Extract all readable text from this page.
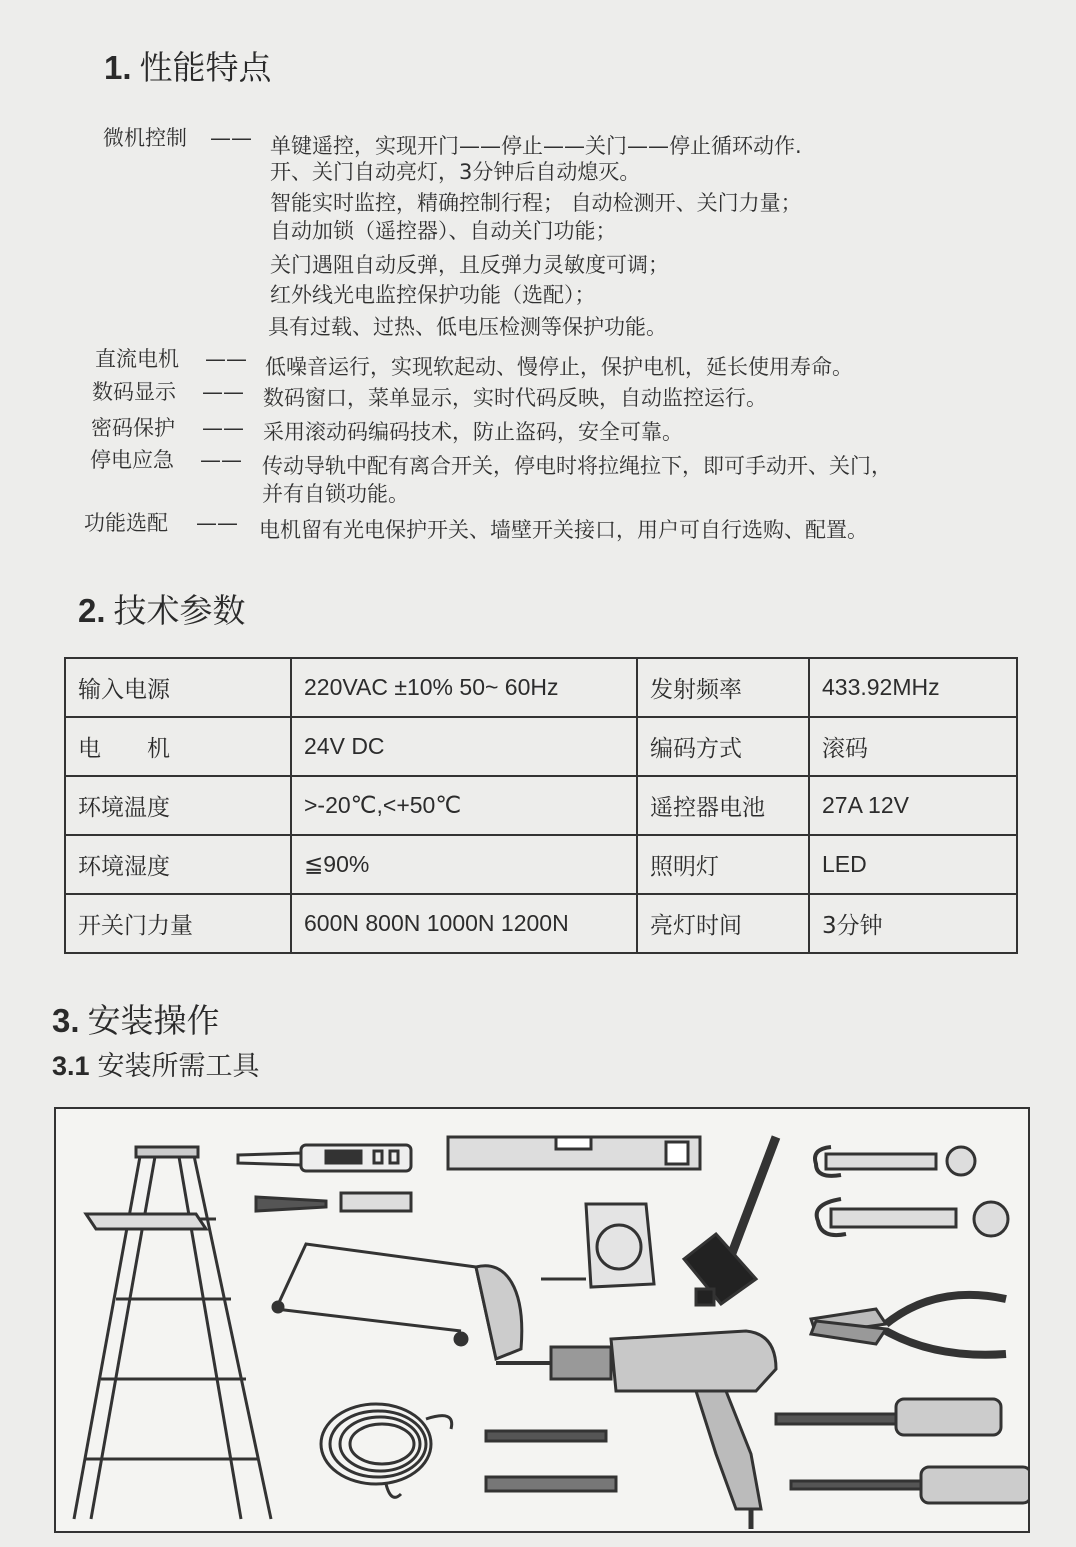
1. 性能特点
微机控制 —— 单键遥控，实现开门——停止——关门——停止循环动作.
开、关门自动亮灯，3分钟后自动熄灭。
智能实时监控，精确控制行程； 自动检测开、关门力量；
自动加锁（遥控器）、自动关门功能；
关门遇阻自动反弹，且反弹力灵敏度可调；
红外线光电监控保护功能（选配）；
具有过载、过热、低电压检测等保护功能。
直流电机 —— 低噪音运行，实现软起动、慢停止，保护电机，延长使用寿命。
数码显示 —— 数码窗口，菜单显示，实时代码反映，自动监控运行。
密码保护 —— 采用滚动码编码技术，防止盗码，安全可靠。
停电应急 —— 传动导轨中配有离合开关，停电时将拉绳拉下，即可手动开、关门，
并有自锁功能。
功能选配 —— 电机留有光电保护开关、墙壁开关接口，用户可自行选购、配置。
2. 技术参数
输入电源	220VAC ±10% 50~ 60Hz	发射频率	433.92MHz
电　　机	24V DC	编码方式	滚码
环境温度	>-20℃,<+50℃	遥控器电池	27A 12V
环境湿度	≦90%	照明灯	LED
开关门力量	600N 800N 1000N 1200N	亮灯时间	3分钟
3. 安装操作
3.1 安装所需工具
